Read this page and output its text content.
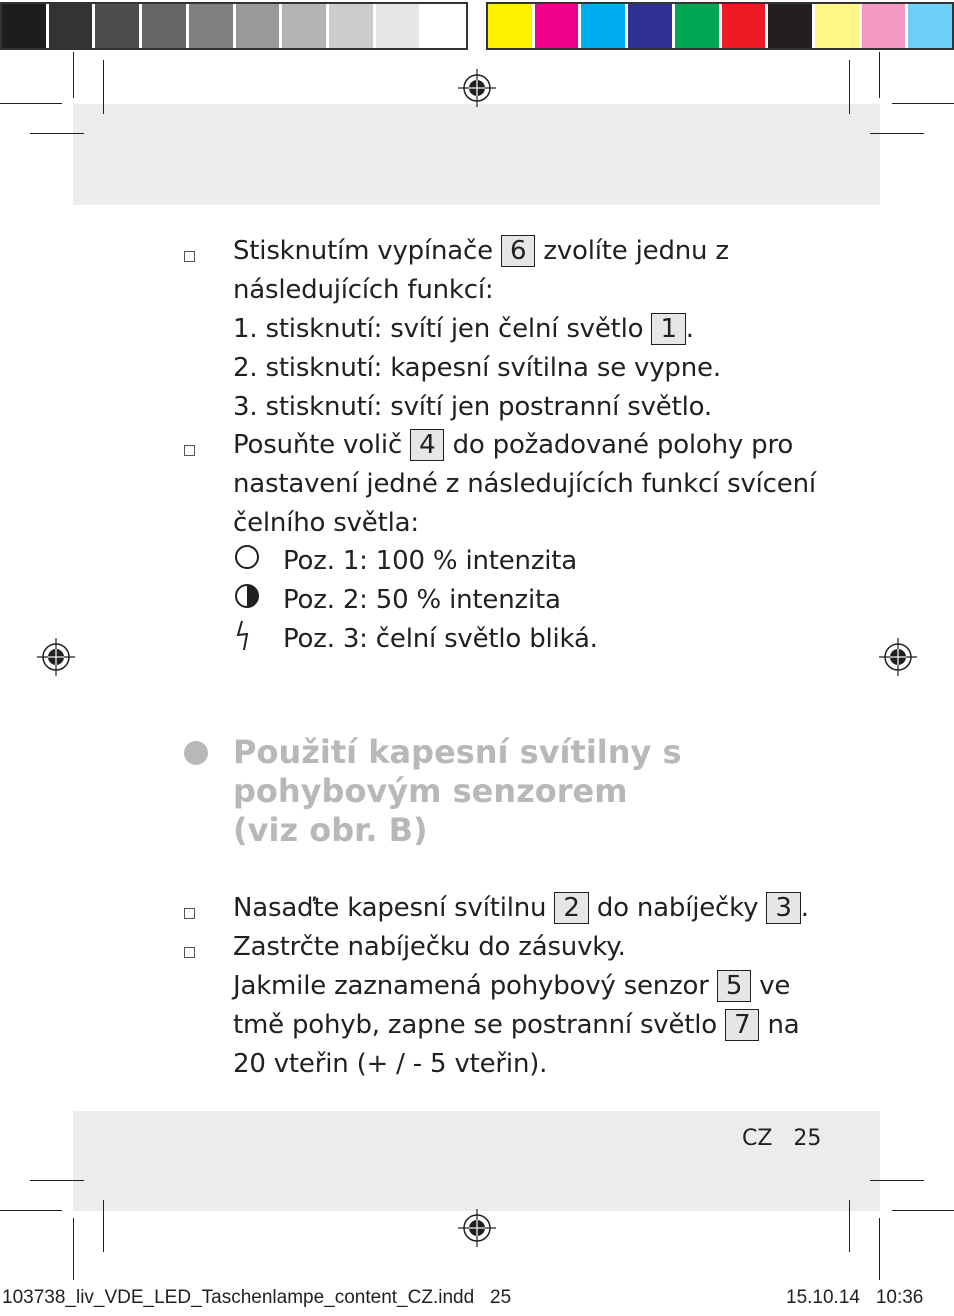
Stisknutím vypínače 6 zvolíte jednu z
následujících funkcí:
1. stisknutí: svítí jen čelní světlo 1 .
2. stisknutí: kapesní svítilna se vypne.
3. stisknutí: svítí jen postranní světlo.
Posuňte volič 4 do požadované polohy pro
nastavení jedné z následujících funkcí svícení
čelního světla:
Poz. 1: 100 % intenzita
Poz. 2: 50 % intenzita
Poz. 3: čelní světlo bliká.
Použití kapesní svítilny s
pohybovým senzorem
(viz obr. B)
Nasaďte kapesní svítilnu 2 do nabíječky 3 .
Zastrčte nabíječku do zásuvky.
Jakmile zaznamená pohybový senzor 5 ve
tmě pohyb, zapne se postranní světlo 7 na
20 vteřin (+ / - 5 vteřin).
CZ 25
103738_liv_VDE_LED_Taschenlampe_content_CZ.indd 25	15.10.14 10:36
